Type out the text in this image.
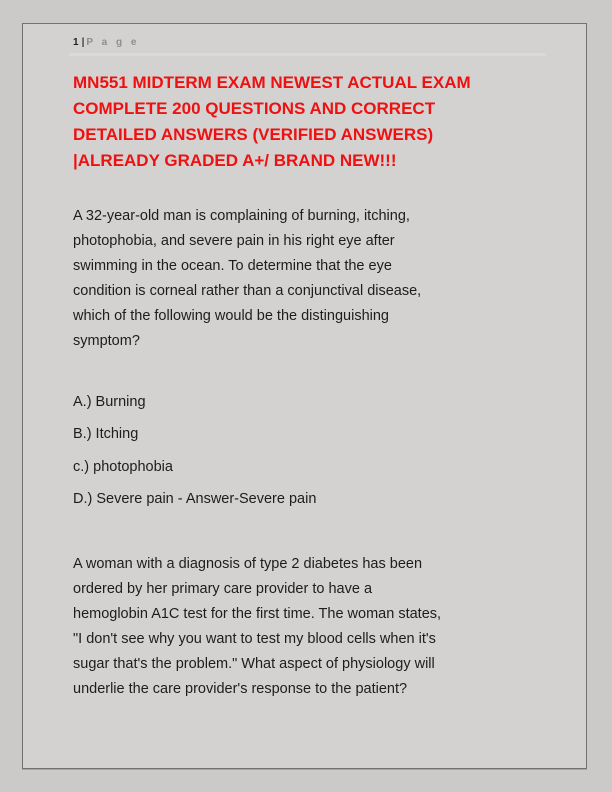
1 | P a g e
MN551 MIDTERM EXAM NEWEST ACTUAL EXAM
COMPLETE 200 QUESTIONS AND CORRECT
DETAILED ANSWERS (VERIFIED ANSWERS)
|ALREADY GRADED A+/ BRAND NEW!!!
A 32-year-old man is complaining of burning, itching,
photophobia, and severe pain in his right eye after
swimming in the ocean. To determine that the eye
condition is corneal rather than a conjunctival disease,
which of the following would be the distinguishing
symptom?
A.) Burning
B.) Itching
c.) photophobia
D.) Severe pain - Answer-Severe pain
A woman with a diagnosis of type 2 diabetes has been
ordered by her primary care provider to have a
hemoglobin A1C test for the first time. The woman states,
"I don't see why you want to test my blood cells when it's
sugar that's the problem." What aspect of physiology will
underlie the care provider's response to the patient?
